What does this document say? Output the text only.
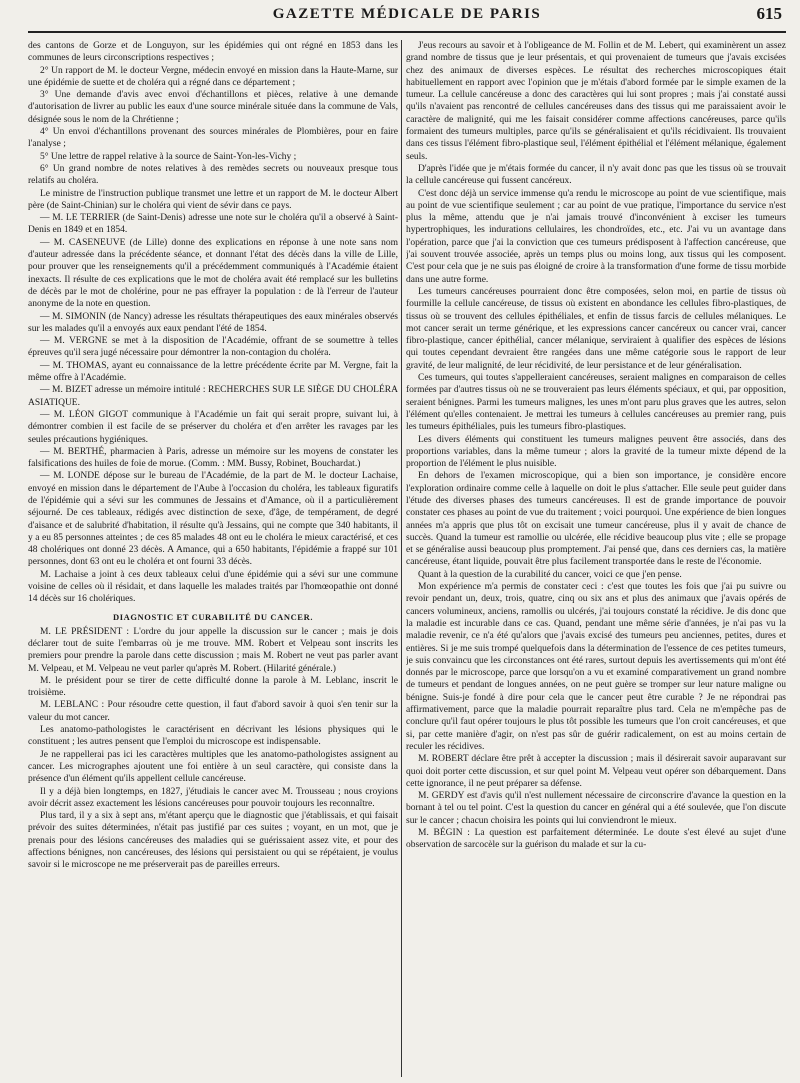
GAZETTE MÉDICALE DE PARIS	615

des cantons de Gorze et de Longuyon, sur les épidémies qui ont régné en 1853 dans les communes de leurs circonscriptions respectives ;

2° Un rapport de M. le docteur Vergne, médecin envoyé en mission dans la Haute-Marne, sur une épidémie de suette et de choléra qui a régné dans ce département ;

3° Une demande d'avis avec envoi d'échantillons et pièces, relative à une demande d'autorisation de livrer au public les eaux d'une source minérale située dans la commune de Vals, désignée sous le nom de la Chrétienne ;

4° Un envoi d'échantillons provenant des sources minérales de Plombières, pour en faire l'analyse ;

5° Une lettre de rappel relative à la source de Saint-Yon-les-Vichy ;

6° Un grand nombre de notes relatives à des remèdes secrets ou nouveaux presque tous relatifs au choléra.

Le ministre de l'instruction publique transmet une lettre et un rapport de M. le docteur Albert père (de Saint-Chinian) sur le choléra qui vient de sévir dans ce pays.

— M. LE TERRIER (de Saint-Denis) adresse une note sur le choléra qu'il a observé à Saint-Denis en 1849 et en 1854.

— M. CASENEUVE (de Lille) donne des explications en réponse à une note sans nom d'auteur adressée dans la précédente séance, et donnant l'état des décès dans la ville de Lille, pour prouver que les renseignements qu'il a précédemment communiqués à l'Académie étaient inexacts. Il résulte de ces explications que le mot de choléra avait été remplacé sur les bulletins de décès par le mot de cholérine, pour ne pas effrayer la population : de là l'erreur de l'auteur anonyme de la note en question.

— M. SIMONIN (de Nancy) adresse les résultats thérapeutiques des eaux minérales observés sur les malades qu'il a envoyés aux eaux pendant l'été de 1854.

— M. VERGNE se met à la disposition de l'Académie, offrant de se soumettre à telles épreuves qu'il sera jugé nécessaire pour démontrer la non-contagion du choléra.

— M. THOMAS, ayant eu connaissance de la lettre précédente écrite par M. Vergne, fait la même offre à l'Académie.

— M. BIZET adresse un mémoire intitulé : RECHERCHES SUR LE SIÈGE DU CHOLÉRA ASIATIQUE.

— M. LÉON GIGOT communique à l'Académie un fait qui serait propre, suivant lui, à démontrer combien il est facile de se préserver du choléra et d'en arrêter les ravages par les seules précautions hygiéniques.

— M. BERTHÉ, pharmacien à Paris, adresse un mémoire sur les moyens de constater les falsifications des huiles de foie de morue. (Comm. : MM. Bussy, Robinet, Bouchardat.)

— M. LONDE dépose sur le bureau de l'Académie, de la part de M. le docteur Lachaise, envoyé en mission dans le département de l'Aube à l'occasion du choléra, les tableaux figuratifs de l'épidémie qui a sévi sur les communes de Jessains et d'Amance, où il a particulièrement séjourné. De ces tableaux, rédigés avec distinction de sexe, d'âge, de tempérament, de degré d'aisance et de salubrité d'habitation, il résulte qu'à Jessains, qui ne compte que 340 habitants, il y a eu 85 personnes atteintes ; de ces 85 malades 48 ont eu le choléra le mieux caractérisé, et ces 48 cholériques ont donné 23 décès. A Amance, qui a 650 habitants, l'épidémie a frappé sur 101 personnes, dont 63 ont eu le choléra et ont fourni 33 décès.

M. Lachaise a joint à ces deux tableaux celui d'une épidémie qui a sévi sur une commune voisine de celles où il résidait, et dans laquelle les malades traités par l'homœopathie ont donné 14 décès sur 16 cholériques.

DIAGNOSTIC ET CURABILITÉ DU CANCER.

M. LE PRÉSIDENT : L'ordre du jour appelle la discussion sur le cancer ; mais je dois déclarer tout de suite l'embarras où je me trouve. MM. Robert et Velpeau sont inscrits les premiers pour prendre la parole dans cette discussion ; mais M. Robert ne veut pas parler avant M. Velpeau, et M. Velpeau ne veut parler qu'après M. Robert. (Hilarité générale.)

M. le président pour se tirer de cette difficulté donne la parole à M. Leblanc, inscrit le troisième.

M. LEBLANC : Pour résoudre cette question, il faut d'abord savoir à quoi s'en tenir sur la valeur du mot cancer.

Les anatomo-pathologistes le caractérisent en décrivant les lésions physiques qui le constituent ; les autres pensent que l'emploi du microscope est indispensable.

Je ne rappellerai pas ici les caractères multiples que les anatomo-pathologistes assignent au cancer. Les micrographes ajoutent une foi entière à un seul caractère, qui consiste dans la présence d'un élément qu'ils appellent cellule cancéreuse.

Il y a déjà bien longtemps, en 1827, j'étudiais le cancer avec M. Trousseau ; nous croyions avoir décrit assez exactement les lésions cancéreuses pour pouvoir toujours les reconnaître.

Plus tard, il y a six à sept ans, m'étant aperçu que le diagnostic que j'établissais, et qui faisait prévoir des suites déterminées, n'était pas justifié par ces suites ; voyant, en un mot, que je prenais pour des lésions cancéreuses des maladies qui se guérissaient assez vite, et pour des affections bénignes, non cancéreuses, des lésions qui persistaient ou qui se répétaient, je voulus savoir si le microscope ne me préserverait pas de pareilles erreurs.

J'eus recours au savoir et à l'obligeance de M. Follin et de M. Lebert, qui examinèrent un assez grand nombre de tissus que je leur présentais, et qui provenaient de tumeurs que j'avais excisées chez des animaux de diverses espèces. Le résultat des recherches microscopiques était habituellement en rapport avec l'opinion que je m'étais d'abord formée par le simple examen de la tumeur. La cellule cancéreuse a donc des caractères qui lui sont propres ; mais j'ai constaté aussi qu'ils n'avaient pas rencontré de cellules cancéreuses dans des tissus qui me paraissaient avoir le caractère de malignité, qui me les faisait considérer comme affections cancéreuses, parce qu'ils formaient des tumeurs multiples, parce qu'ils se généralisaient et qu'ils récidivaient. Ils trouvaient dans ces tissus l'élément fibro-plastique seul, l'élément épithélial et l'élément mélanique, également seuls.

D'après l'idée que je m'étais formée du cancer, il n'y avait donc pas que les tissus où se trouvait la cellule cancéreuse qui fussent cancéreux.

C'est donc déjà un service immense qu'a rendu le microscope au point de vue scientifique, mais au point de vue scientifique seulement ; car au point de vue pratique, l'importance du service n'est plus la même, attendu que je n'ai jamais trouvé d'inconvénient à exciser les tumeurs hypertrophiques, les indurations cellulaires, les chondroïdes, etc., etc. J'ai vu un avantage dans l'opération, parce que j'ai la conviction que ces tumeurs prédisposent à l'affection cancéreuse, que j'ai souvent trouvée associée, après un temps plus ou moins long, aux tissus qui les composent. C'est pour cela que je ne suis pas éloigné de croire à la transformation d'une forme de tissu morbide dans une autre forme.

Les tumeurs cancéreuses pourraient donc être composées, selon moi, en partie de tissus où fourmille la cellule cancéreuse, de tissus où existent en abondance les cellules fibro-plastiques, de tissus où se trouvent des cellules épithéliales, et enfin de tissus farcis de cellules mélaniques. Le mot cancer serait un terme générique, et les expressions cancer cancéreux ou cancer vrai, cancer fibro-plastique, cancer épithélial, cancer mélanique, serviraient à qualifier des espèces de lésions qui toutes cependant devraient être rangées dans une même catégorie sous le rapport de leur gravité, de leur malignité, de leur récidivité, de leur persistance et de leur généralisation.

Ces tumeurs, qui toutes s'appelleraient cancéreuses, seraient malignes en comparaison de celles formées par d'autres tissus où ne se trouveraient pas leurs éléments spéciaux, et qui, par opposition, seraient bénignes. Parmi les tumeurs malignes, les unes m'ont paru plus graves que les autres, selon l'élément qu'elles contenaient. Je mettrai les tumeurs à cellules cancéreuses au premier rang, puis les tumeurs épithéliales, puis les tumeurs fibro-plastiques.

Les divers éléments qui constituent les tumeurs malignes peuvent être associés, dans des proportions variables, dans la même tumeur ; alors la gravité de la tumeur mixte dépend de la proportion de l'élément le plus nuisible.

En dehors de l'examen microscopique, qui a bien son importance, je considère encore l'exploration ordinaire comme celle à laquelle on doit le plus s'attacher. Elle seule peut guider dans l'étude des diverses phases des tumeurs cancéreuses. Il est de grande importance de pouvoir constater ces phases au point de vue du traitement ; voici pourquoi. Une expérience de bien longues années m'a appris que plus tôt on excisait une tumeur cancéreuse, plus il y avait de chance de succès. Quand la tumeur est ramollie ou ulcérée, elle récidive beaucoup plus vite ; elle se propage et se généralise aussi beaucoup plus promptement. J'ai pensé que, dans ces derniers cas, la matière cancéreuse, étant liquide, pouvait être plus facilement transportée dans le reste de l'économie.

Quant à la question de la curabilité du cancer, voici ce que j'en pense.

Mon expérience m'a permis de constater ceci : c'est que toutes les fois que j'ai pu suivre ou revoir pendant un, deux, trois, quatre, cinq ou six ans et plus des animaux que j'avais opérés de cancers volumineux, anciens, ramollis ou ulcérés, j'ai toujours constaté la récidive. Je dis donc que la maladie est incurable dans ce cas. Quand, pendant une même série d'années, je n'ai pas vu la maladie revenir, ce n'a été qu'alors que j'avais excisé des tumeurs peu anciennes, petites, dures et entières. Si je me suis trompé quelquefois dans la détermination de l'essence de ces petites tumeurs, je suis convaincu que les circonstances ont été rares, surtout depuis les avertissements qui m'ont été donnés par le microscope, parce que lorsqu'on a vu et examiné comparativement un grand nombre de tumeurs et pendant de longues années, on ne peut guère se tromper sur leur nature maligne ou bénigne. Suis-je fondé à dire pour cela que le cancer peut être curable ? Je ne répondrai pas affirmativement, parce que la maladie pourrait reparaître plus tard. Cela ne m'empêche pas de conclure qu'il faut opérer toujours le plus tôt possible les tumeurs que l'on croit cancéreuses, et que si, par cette manière d'agir, on n'est pas sûr de guérir radicalement, on est au moins certain de reculer les récidives.

M. ROBERT déclare être prêt à accepter la discussion ; mais il désirerait savoir auparavant sur quoi doit porter cette discussion, et sur quel point M. Velpeau veut opérer son débarquement. Dans cette ignorance, il ne peut préparer sa défense.

M. GERDY est d'avis qu'il n'est nullement nécessaire de circonscrire d'avance la question en la bornant à tel ou tel point. C'est la question du cancer en général qui a été soulevée, que l'on discute sur le cancer ; chacun choisira les points qui lui conviendront le mieux.

M. BÉGIN : La question est parfaitement déterminée. Le doute s'est élevé au sujet d'une observation de sarcocèle sur la guérison du malade et sur la cu-
